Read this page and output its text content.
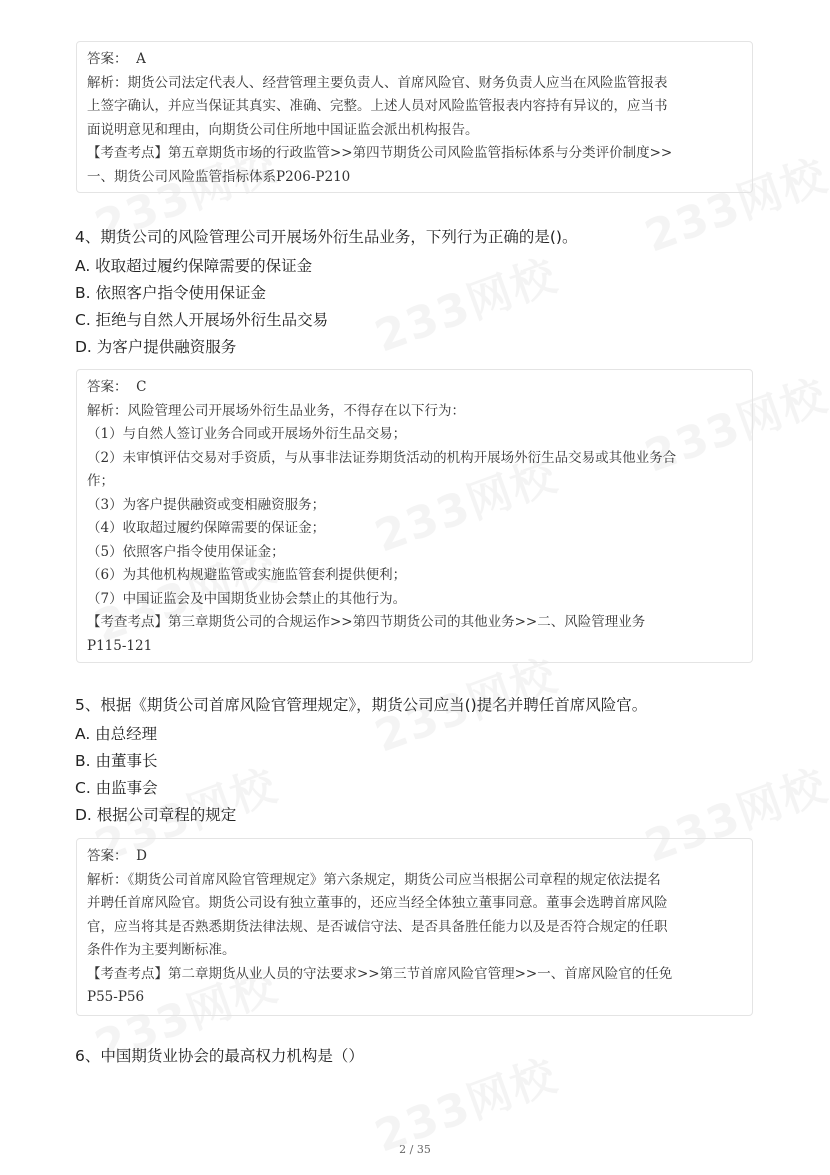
答案：  A
解析：期货公司法定代表人、经营管理主要负责人、首席风险官、财务负责人应当在风险监管报表
上签字确认，并应当保证其真实、准确、完整。上述人员对风险监管报表内容持有异议的，应当书
面说明意见和理由，向期货公司住所地中国证监会派出机构报告。
【考查考点】第五章期货市场的行政监管>>第四节期货公司风险监管指标体系与分类评价制度>>
一、期货公司风险监管指标体系P206-P210
4、期货公司的风险管理公司开展场外衍生品业务，下列行为正确的是()。
A. 收取超过履约保障需要的保证金
B. 依照客户指令使用保证金
C. 拒绝与自然人开展场外衍生品交易
D. 为客户提供融资服务
答案：  C
解析：风险管理公司开展场外衍生品业务，不得存在以下行为：
（1）与自然人签订业务合同或开展场外衍生品交易；
（2）未审慎评估交易对手资质，与从事非法证券期货活动的机构开展场外衍生品交易或其他业务合
作；
（3）为客户提供融资或变相融资服务；
（4）收取超过履约保障需要的保证金；
（5）依照客户指令使用保证金；
（6）为其他机构规避监管或实施监管套利提供便利；
（7）中国证监会及中国期货业协会禁止的其他行为。
【考查考点】第三章期货公司的合规运作>>第四节期货公司的其他业务>>二、风险管理业务
P115-121
5、根据《期货公司首席风险官管理规定》，期货公司应当()提名并聘任首席风险官。
A. 由总经理
B. 由董事长
C. 由监事会
D. 根据公司章程的规定
答案：  D
解析：《期货公司首席风险官管理规定》第六条规定，期货公司应当根据公司章程的规定依法提名
并聘任首席风险官。期货公司设有独立董事的，还应当经全体独立董事同意。董事会选聘首席风险
官，应当将其是否熟悉期货法律法规、是否诚信守法、是否具备胜任能力以及是否符合规定的任职
条件作为主要判断标准。
【考查考点】第二章期货从业人员的守法要求>>第三节首席风险官管理>>一、首席风险官的任免
P55-P56
6、中国期货业协会的最高权力机构是（）
2 / 35
